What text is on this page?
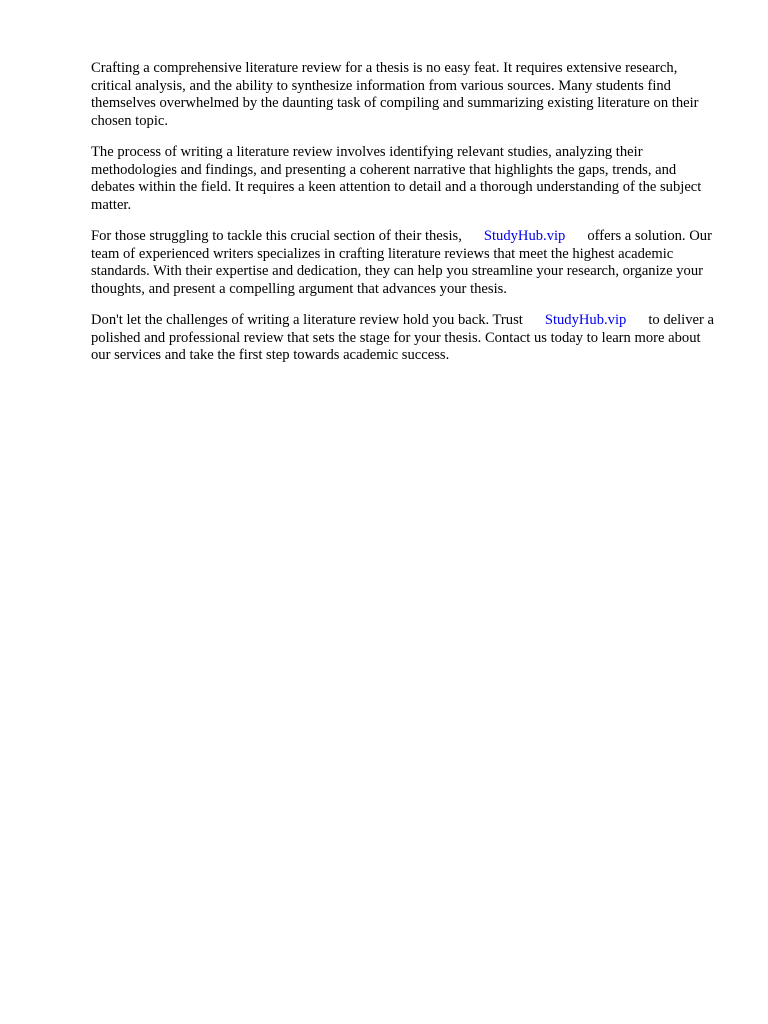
Crafting a comprehensive literature review for a thesis is no easy feat. It requires extensive research, critical analysis, and the ability to synthesize information from various sources. Many students find themselves overwhelmed by the daunting task of compiling and summarizing existing literature on their chosen topic.

The process of writing a literature review involves identifying relevant studies, analyzing their methodologies and findings, and presenting a coherent narrative that highlights the gaps, trends, and debates within the field. It requires a keen attention to detail and a thorough understanding of the subject matter.

For those struggling to tackle this crucial section of their thesis, StudyHub.vip offers a solution. Our team of experienced writers specializes in crafting literature reviews that meet the highest academic standards. With their expertise and dedication, they can help you streamline your research, organize your thoughts, and present a compelling argument that advances your thesis.

Don't let the challenges of writing a literature review hold you back. Trust StudyHub.vip to deliver a polished and professional review that sets the stage for your thesis. Contact us today to learn more about our services and take the first step towards academic success.
